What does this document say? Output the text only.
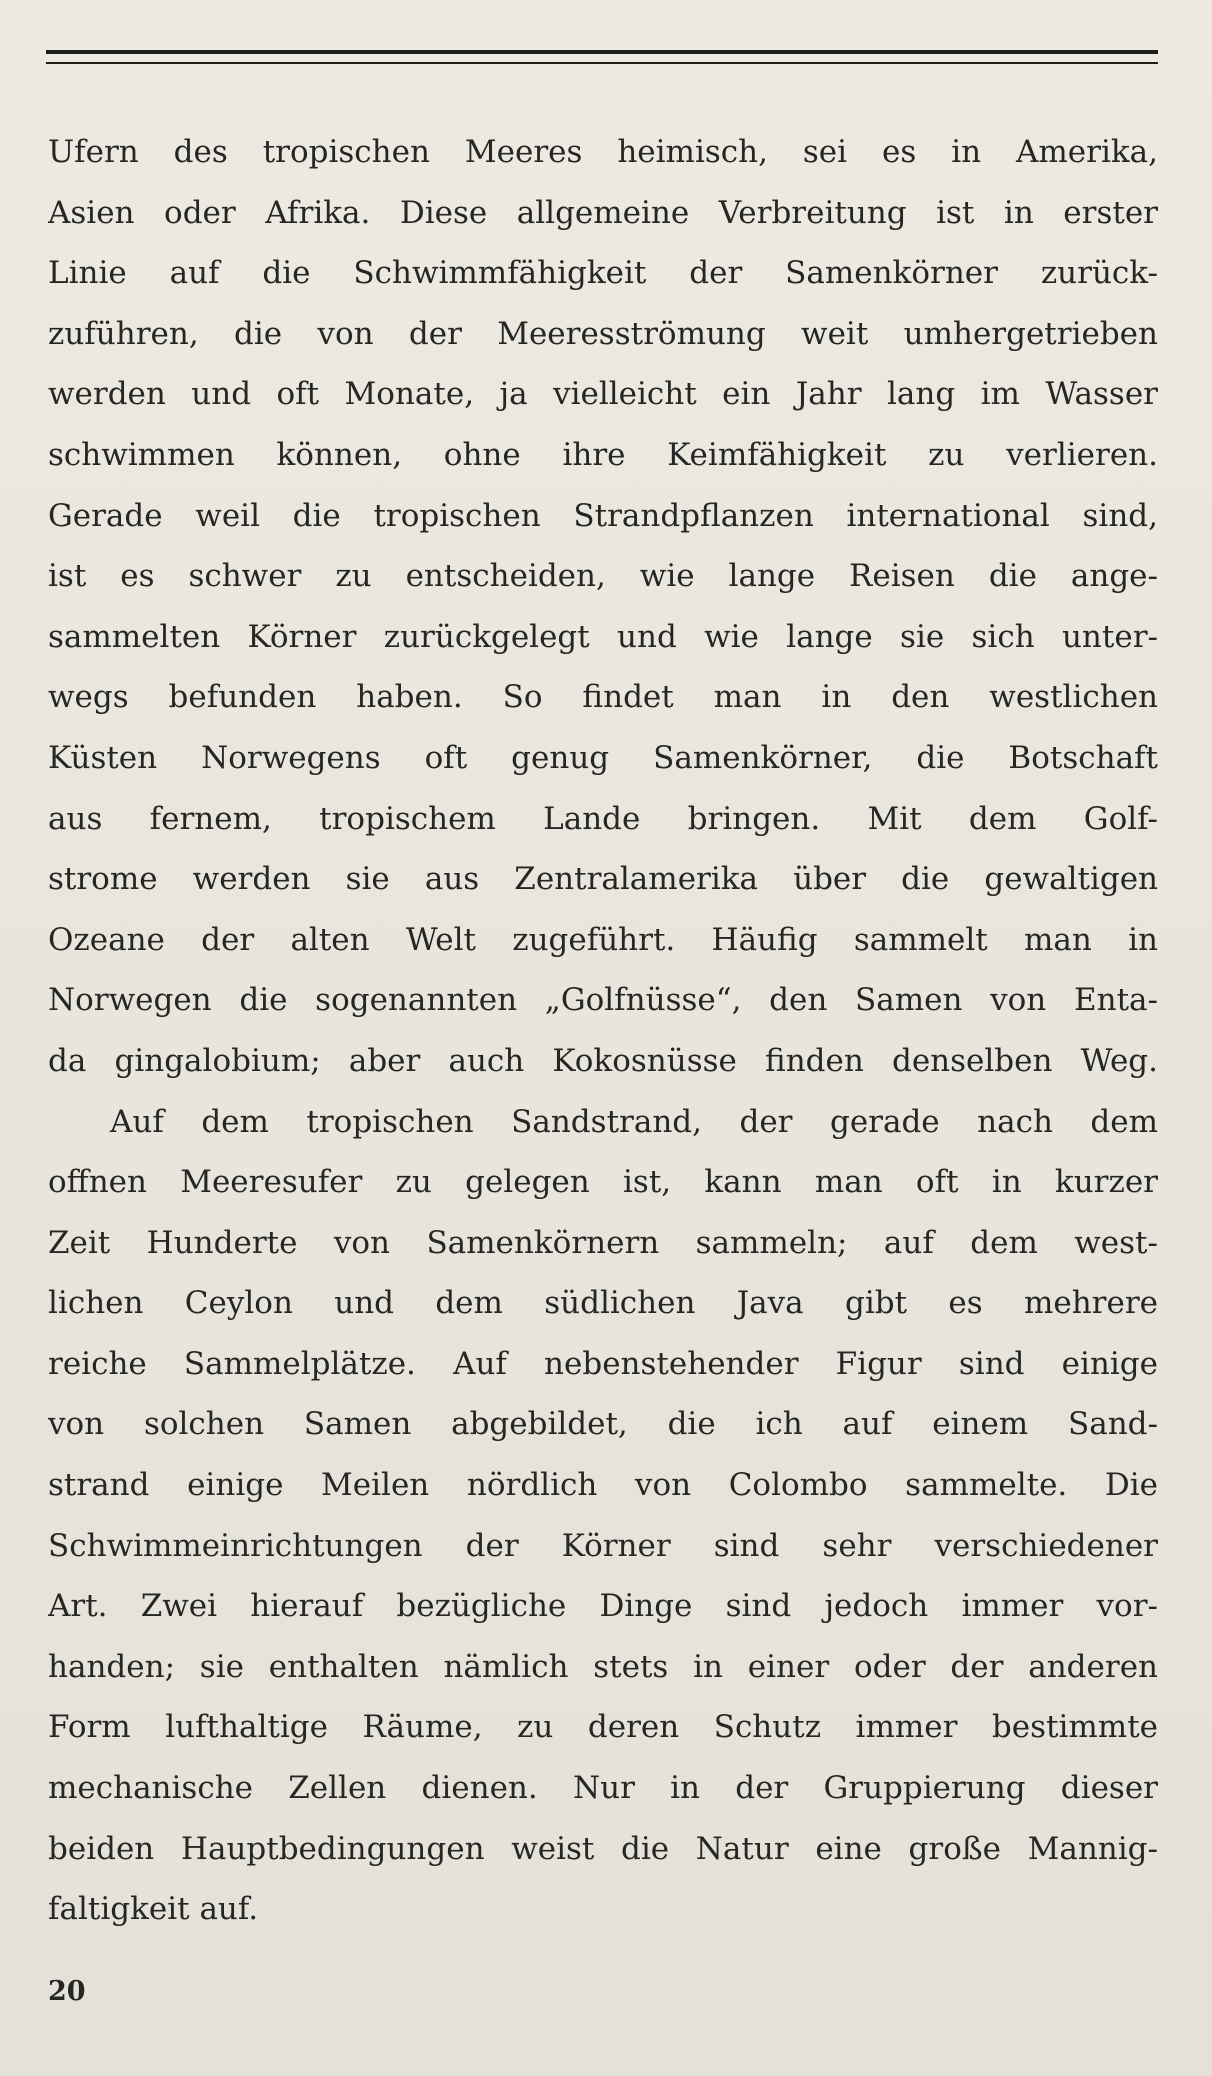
Ufern des tropischen Meeres heimisch, sei es in Amerika,
Asien oder Afrika. Diese allgemeine Verbreitung ist in erster
Linie auf die Schwimmfähigkeit der Samenkörner zurück-
zuführen, die von der Meeresströmung weit umhergetrieben
werden und oft Monate, ja vielleicht ein Jahr lang im Wasser
schwimmen können, ohne ihre Keimfähigkeit zu verlieren.
Gerade weil die tropischen Strandpflanzen international sind,
ist es schwer zu entscheiden, wie lange Reisen die ange-
sammelten Körner zurückgelegt und wie lange sie sich unter-
wegs befunden haben. So findet man in den westlichen
Küsten Norwegens oft genug Samenkörner, die Botschaft
aus fernem, tropischem Lande bringen. Mit dem Golf-
strome werden sie aus Zentralamerika über die gewaltigen
Ozeane der alten Welt zugeführt. Häufig sammelt man in
Norwegen die sogenannten „Golfnüsse“, den Samen von Enta-
da gingalobium; aber auch Kokosnüsse finden denselben Weg.
Auf dem tropischen Sandstrand, der gerade nach dem
offnen Meeresufer zu gelegen ist, kann man oft in kurzer
Zeit Hunderte von Samenkörnern sammeln; auf dem west-
lichen Ceylon und dem südlichen Java gibt es mehrere
reiche Sammelplätze. Auf nebenstehender Figur sind einige
von solchen Samen abgebildet, die ich auf einem Sand-
strand einige Meilen nördlich von Colombo sammelte. Die
Schwimmeinrichtungen der Körner sind sehr verschiedener
Art. Zwei hierauf bezügliche Dinge sind jedoch immer vor-
handen; sie enthalten nämlich stets in einer oder der anderen
Form lufthaltige Räume, zu deren Schutz immer bestimmte
mechanische Zellen dienen. Nur in der Gruppierung dieser
beiden Hauptbedingungen weist die Natur eine große Mannig-
faltigkeit auf.
20
